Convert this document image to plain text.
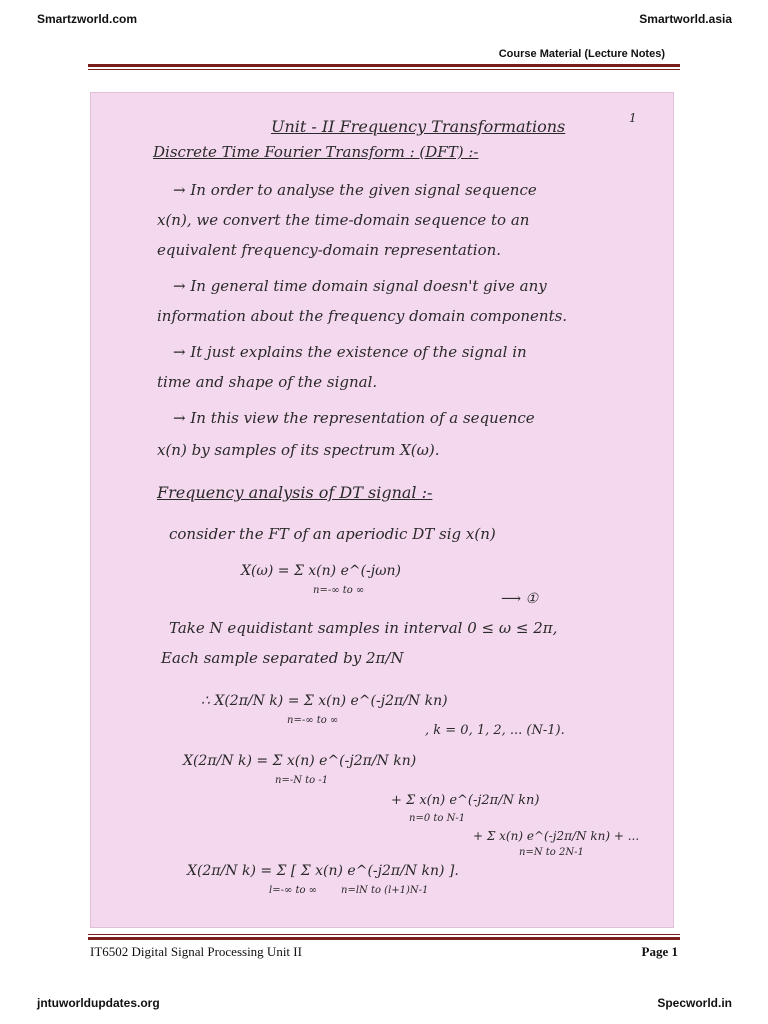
Smartzworld.com	Smartworld.asia
Course Material (Lecture Notes)
1
Unit - II Frequency Transformations
Discrete Time Fourier Transform : (DFT) :-
→ In order to analyse the given signal sequence
x(n), we convert the time-domain sequence to an
equivalent frequency-domain representation.
→ In general time domain signal doesn't give any
information about the frequency domain components.
→ It just explains the existence of the signal in
time and shape of the signal.
→ In this view the representation of a sequence
x(n) by samples of its spectrum X(ω).
Frequency analysis of DT signal :-
consider the FT of an aperiodic DT sig x(n)
X(ω) = Σ x(n) e^(-jωn)
n=-∞ to ∞
⟶ ①
Take N equidistant samples in interval 0 ≤ ω ≤ 2π,
Each sample separated by 2π/N
∴ X(2π/N k) = Σ x(n) e^(-j2π/N kn)
n=-∞ to ∞
, k = 0, 1, 2, ... (N-1).
X(2π/N k) = Σ x(n) e^(-j2π/N kn)
n=-N to -1
+ Σ x(n) e^(-j2π/N kn)
n=0 to N-1
+ Σ x(n) e^(-j2π/N kn) + ...
n=N to 2N-1
X(2π/N k) = Σ [ Σ x(n) e^(-j2π/N kn) ].
l=-∞ to ∞ n=lN to (l+1)N-1
IT6502 Digital Signal Processing Unit II	Page 1
jntuworldupdates.org	Specworld.in
